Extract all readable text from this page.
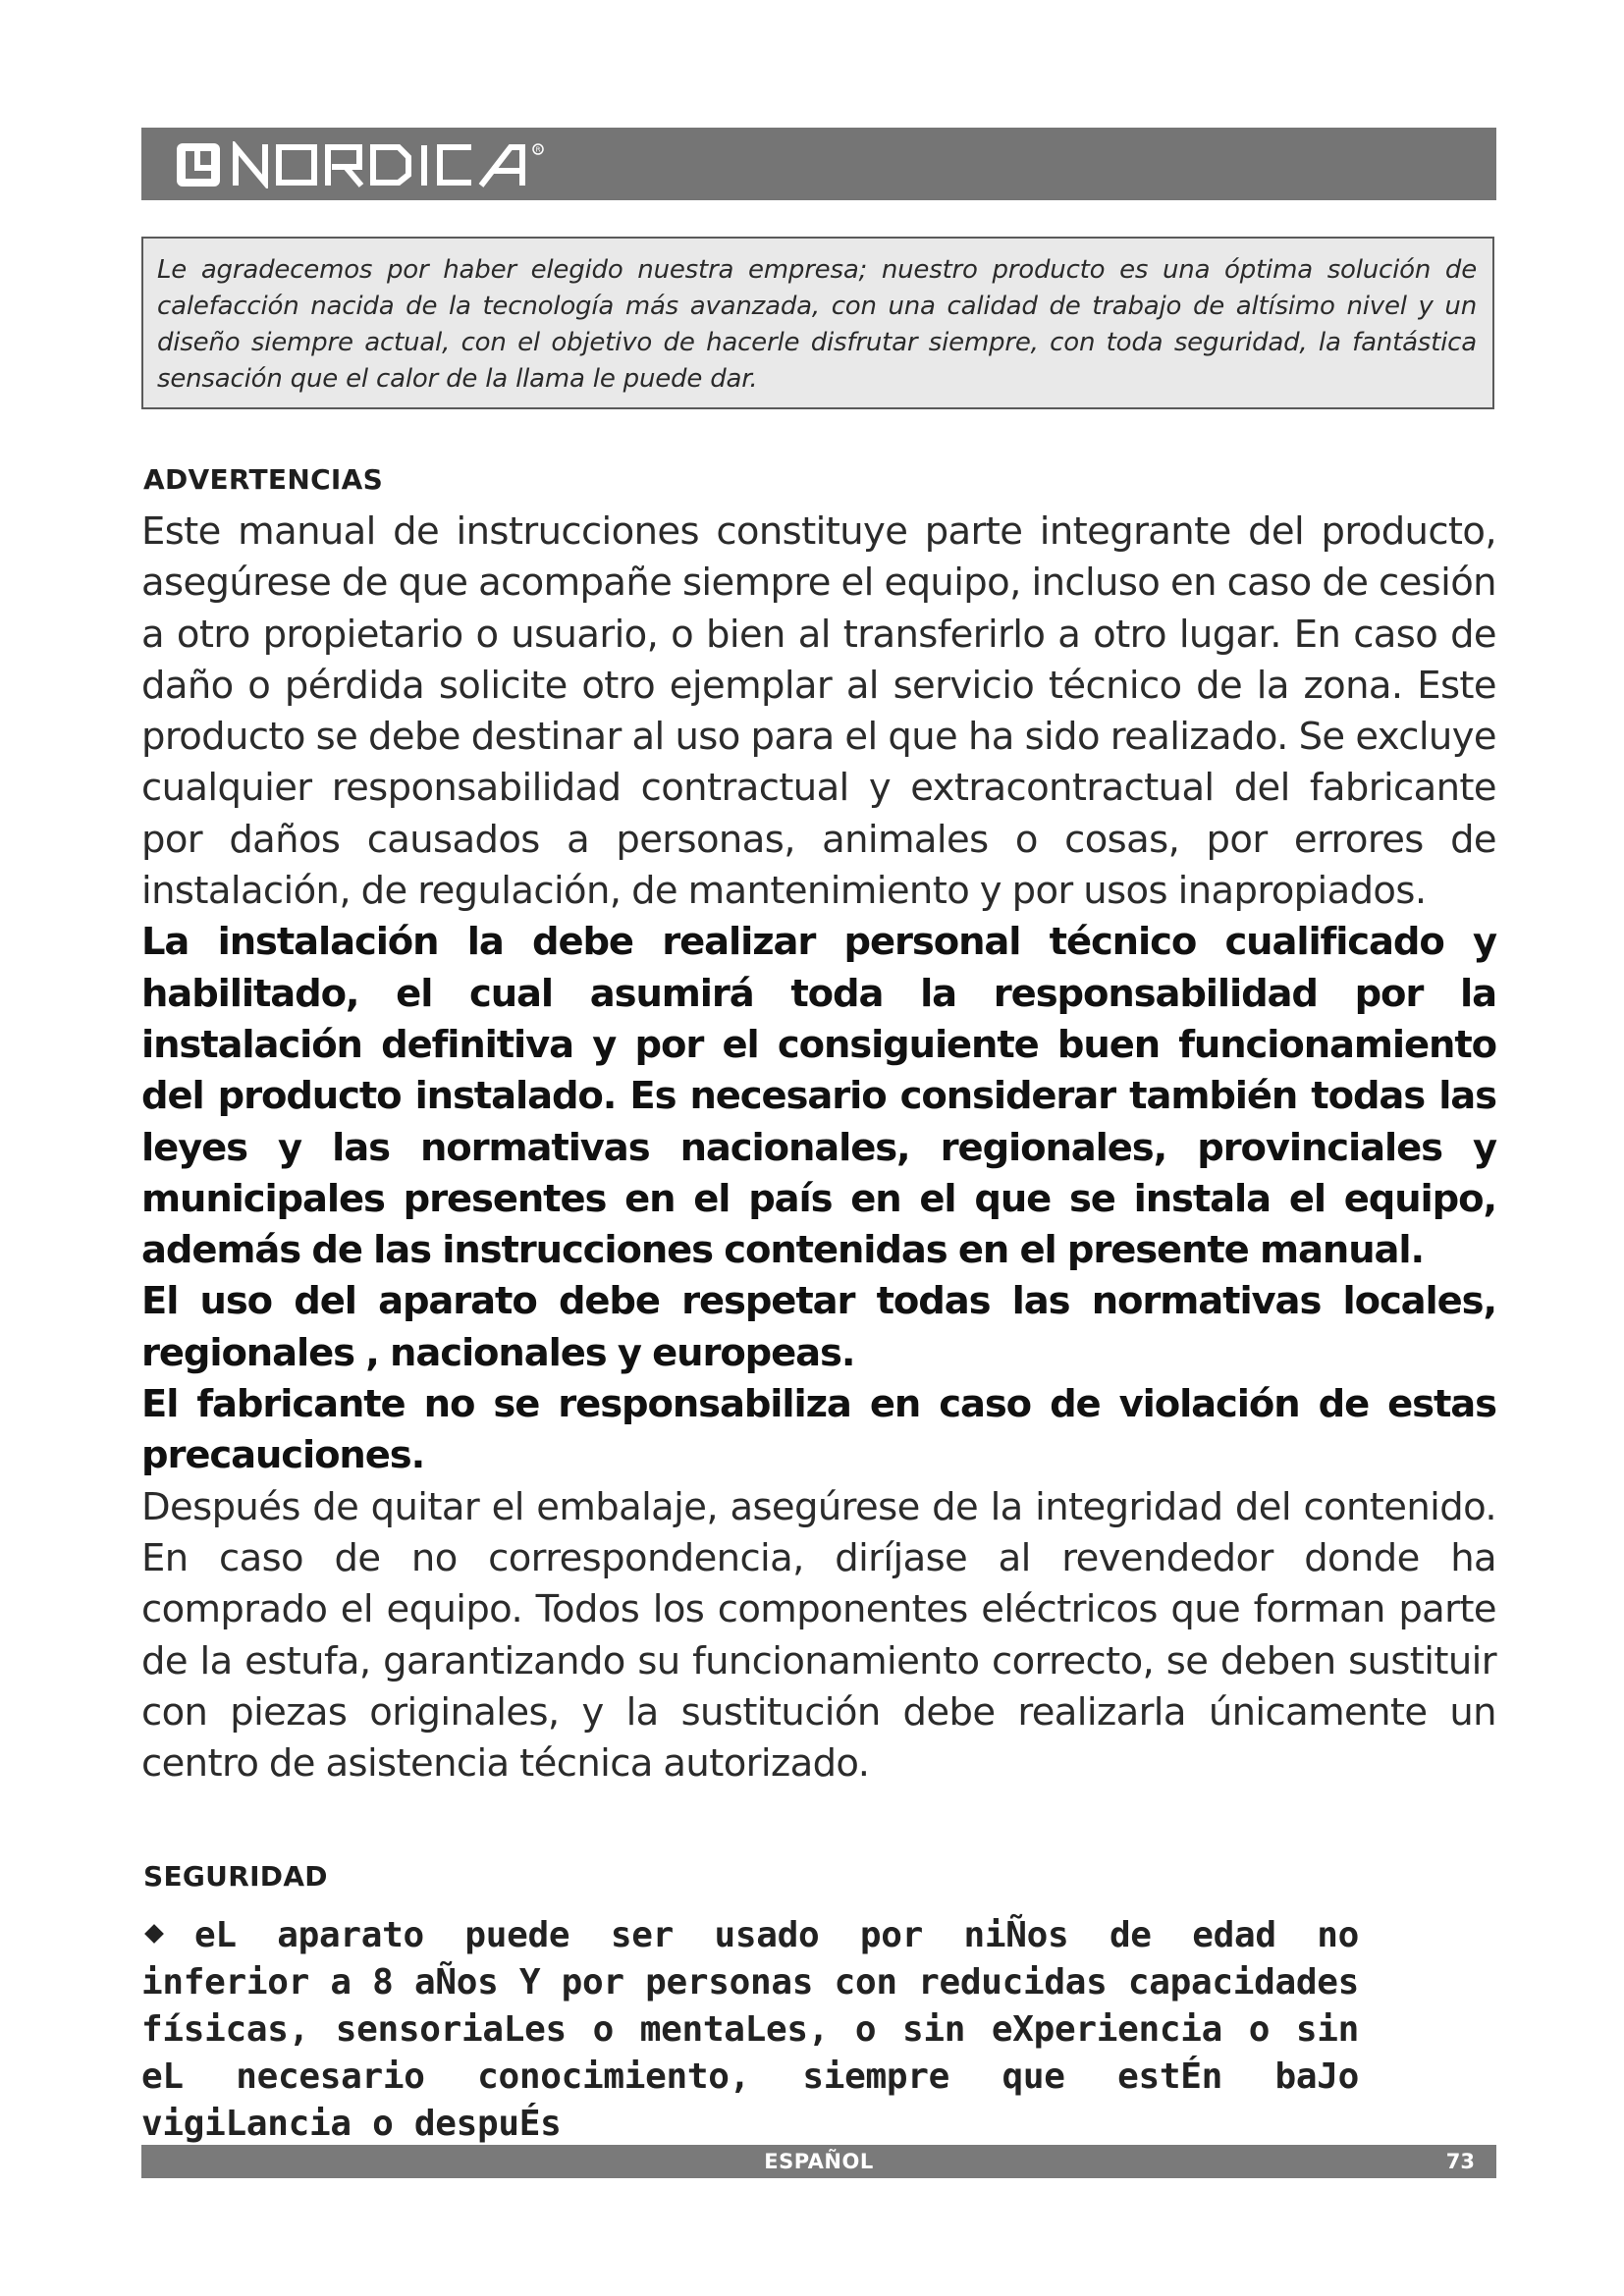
R

Le agradecemos por haber elegido nuestra empresa; nuestro producto es una óptima solución de calefacción nacida de la tecnología más avanzada, con una calidad de trabajo de altísimo nivel y un diseño siempre actual, con el objetivo de hacerle disfrutar siempre, con toda seguridad, la fantástica sensación que el calor de la llama le puede dar.

ADVERTENCIAS

Este manual de instrucciones constituye parte integrante del producto, asegúrese de que acompañe siempre el equipo, incluso en caso de cesión a otro propietario o usuario, o bien al transferirlo a otro lugar. En caso de daño o pérdida solicite otro ejemplar al servicio técnico de la zona. Este producto se debe destinar al uso para el que ha sido realizado. Se excluye cualquier responsabilidad contractual y extracontractual del fabricante por daños causados a personas, animales o cosas, por errores de instalación, de regulación, de mantenimiento y por usos inapropiados.

La instalación la debe realizar personal técnico cualificado y habilitado, el cual asumirá toda la responsabilidad por la instalación definitiva y por el consiguiente buen funcionamiento del producto instalado. Es necesario considerar también todas las leyes y las normativas nacionales, regionales, provinciales y municipales presentes en el país en el que se instala el equipo, además de las instrucciones contenidas en el presente manual.

El uso del aparato debe respetar todas las normativas locales, regionales , nacionales y europeas.

El fabricante no se responsabiliza en caso de violación de estas precauciones.

Después de quitar el embalaje, asegúrese de la integridad del contenido. En caso de no correspondencia, diríjase al revendedor donde ha comprado el equipo. Todos los componentes eléctricos que forman parte de la estufa, garantizando su funcionamiento correcto, se deben sustituir con piezas originales, y la sustitución debe realizarla únicamente un centro de asistencia técnica autorizado.

SEGURIDAD

eL aparato puede ser usado por niÑos de edad no inferior a 8 aÑos Y por personas con reducidas capacidades físicas, sensoriaLes o mentaLes, o sin eXperiencia o sin eL necesario conocimiento, siempre que estÉn baJo vigiLancia o despuÉs

ESPAÑOL	73
